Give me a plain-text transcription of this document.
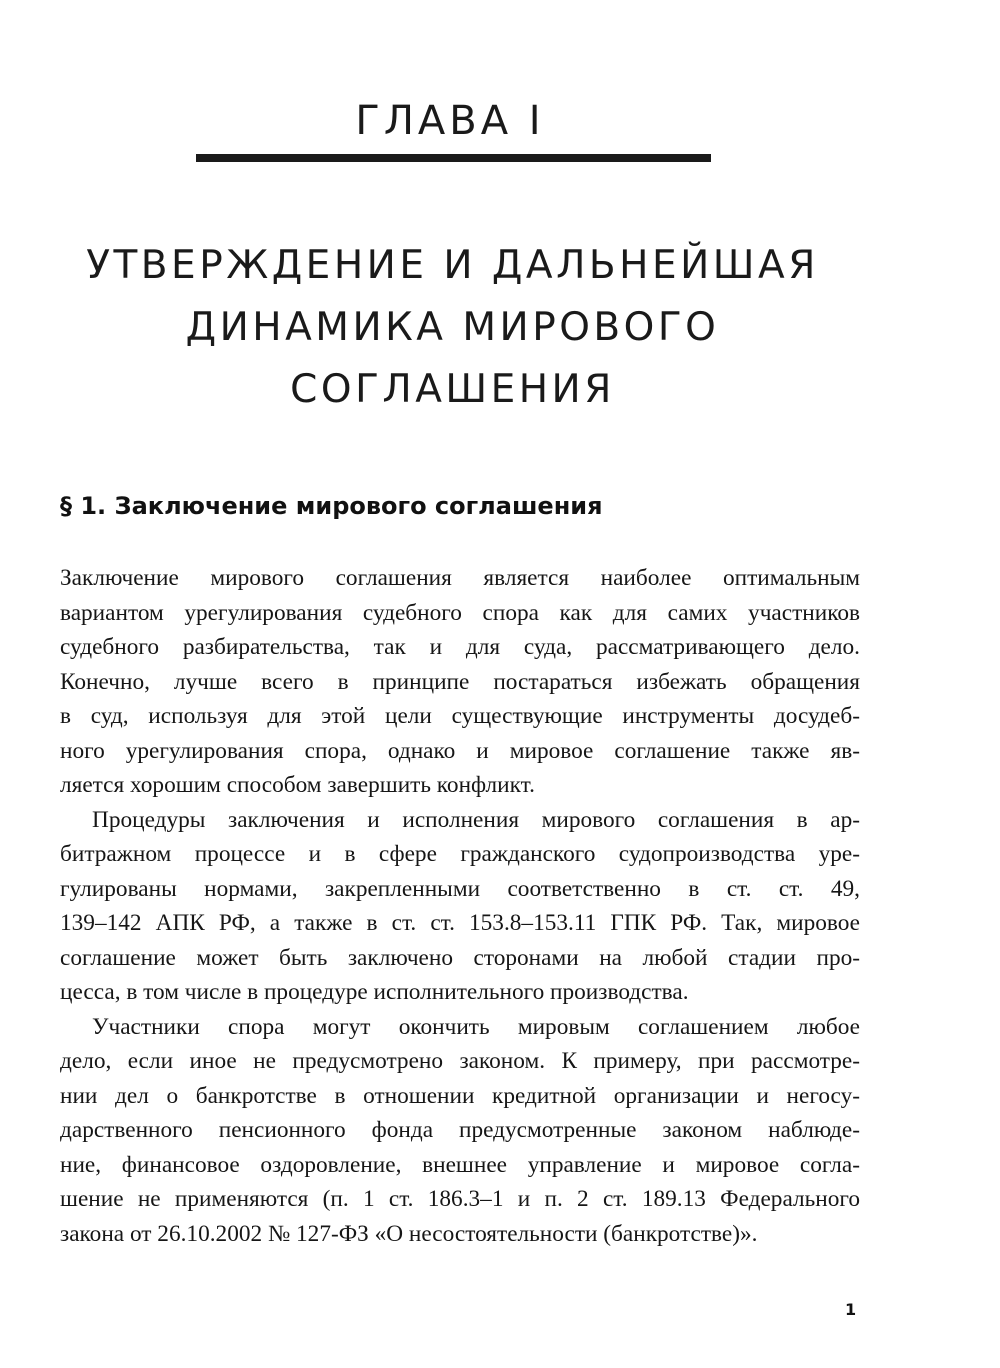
ГЛАВА I
УТВЕРЖДЕНИЕ И ДАЛЬНЕЙШАЯ
ДИНАМИКА МИРОВОГО
СОГЛАШЕНИЯ
§ 1. Заключение мирового соглашения

Заключение мирового соглашения является наиболее оптимальным
вариантом урегулирования судебного спора как для самих участников
судебного разбирательства, так и для суда, рассматривающего дело.
Конечно, лучше всего в принципе постараться избежать обращения
в суд, используя для этой цели существующие инструменты досудеб-
ного урегулирования спора, однако и мировое соглашение также яв-
ляется хорошим способом завершить конфликт.

Процедуры заключения и исполнения мирового соглашения в ар-
битражном процессе и в сфере гражданского судопроизводства уре-
гулированы нормами, закрепленными соответственно в ст. ст. 49,
139–142 АПК РФ, а также в ст. ст. 153.8–153.11 ГПК РФ. Так, мировое
соглашение может быть заключено сторонами на любой стадии про-
цесса, в том числе в процедуре исполнительного производства.

Участники спора могут окончить мировым соглашением любое
дело, если иное не предусмотрено законом. К примеру, при рассмотре-
нии дел о банкротстве в отношении кредитной организации и негосу-
дарственного пенсионного фонда предусмотренные законом наблюде-
ние, финансовое оздоровление, внешнее управление и мировое согла-
шение не применяются (п. 1 ст. 186.3–1 и п. 2 ст. 189.13 Федерального
закона от 26.10.2002 № 127-ФЗ «О несостоятельности (банкротстве)».

1
